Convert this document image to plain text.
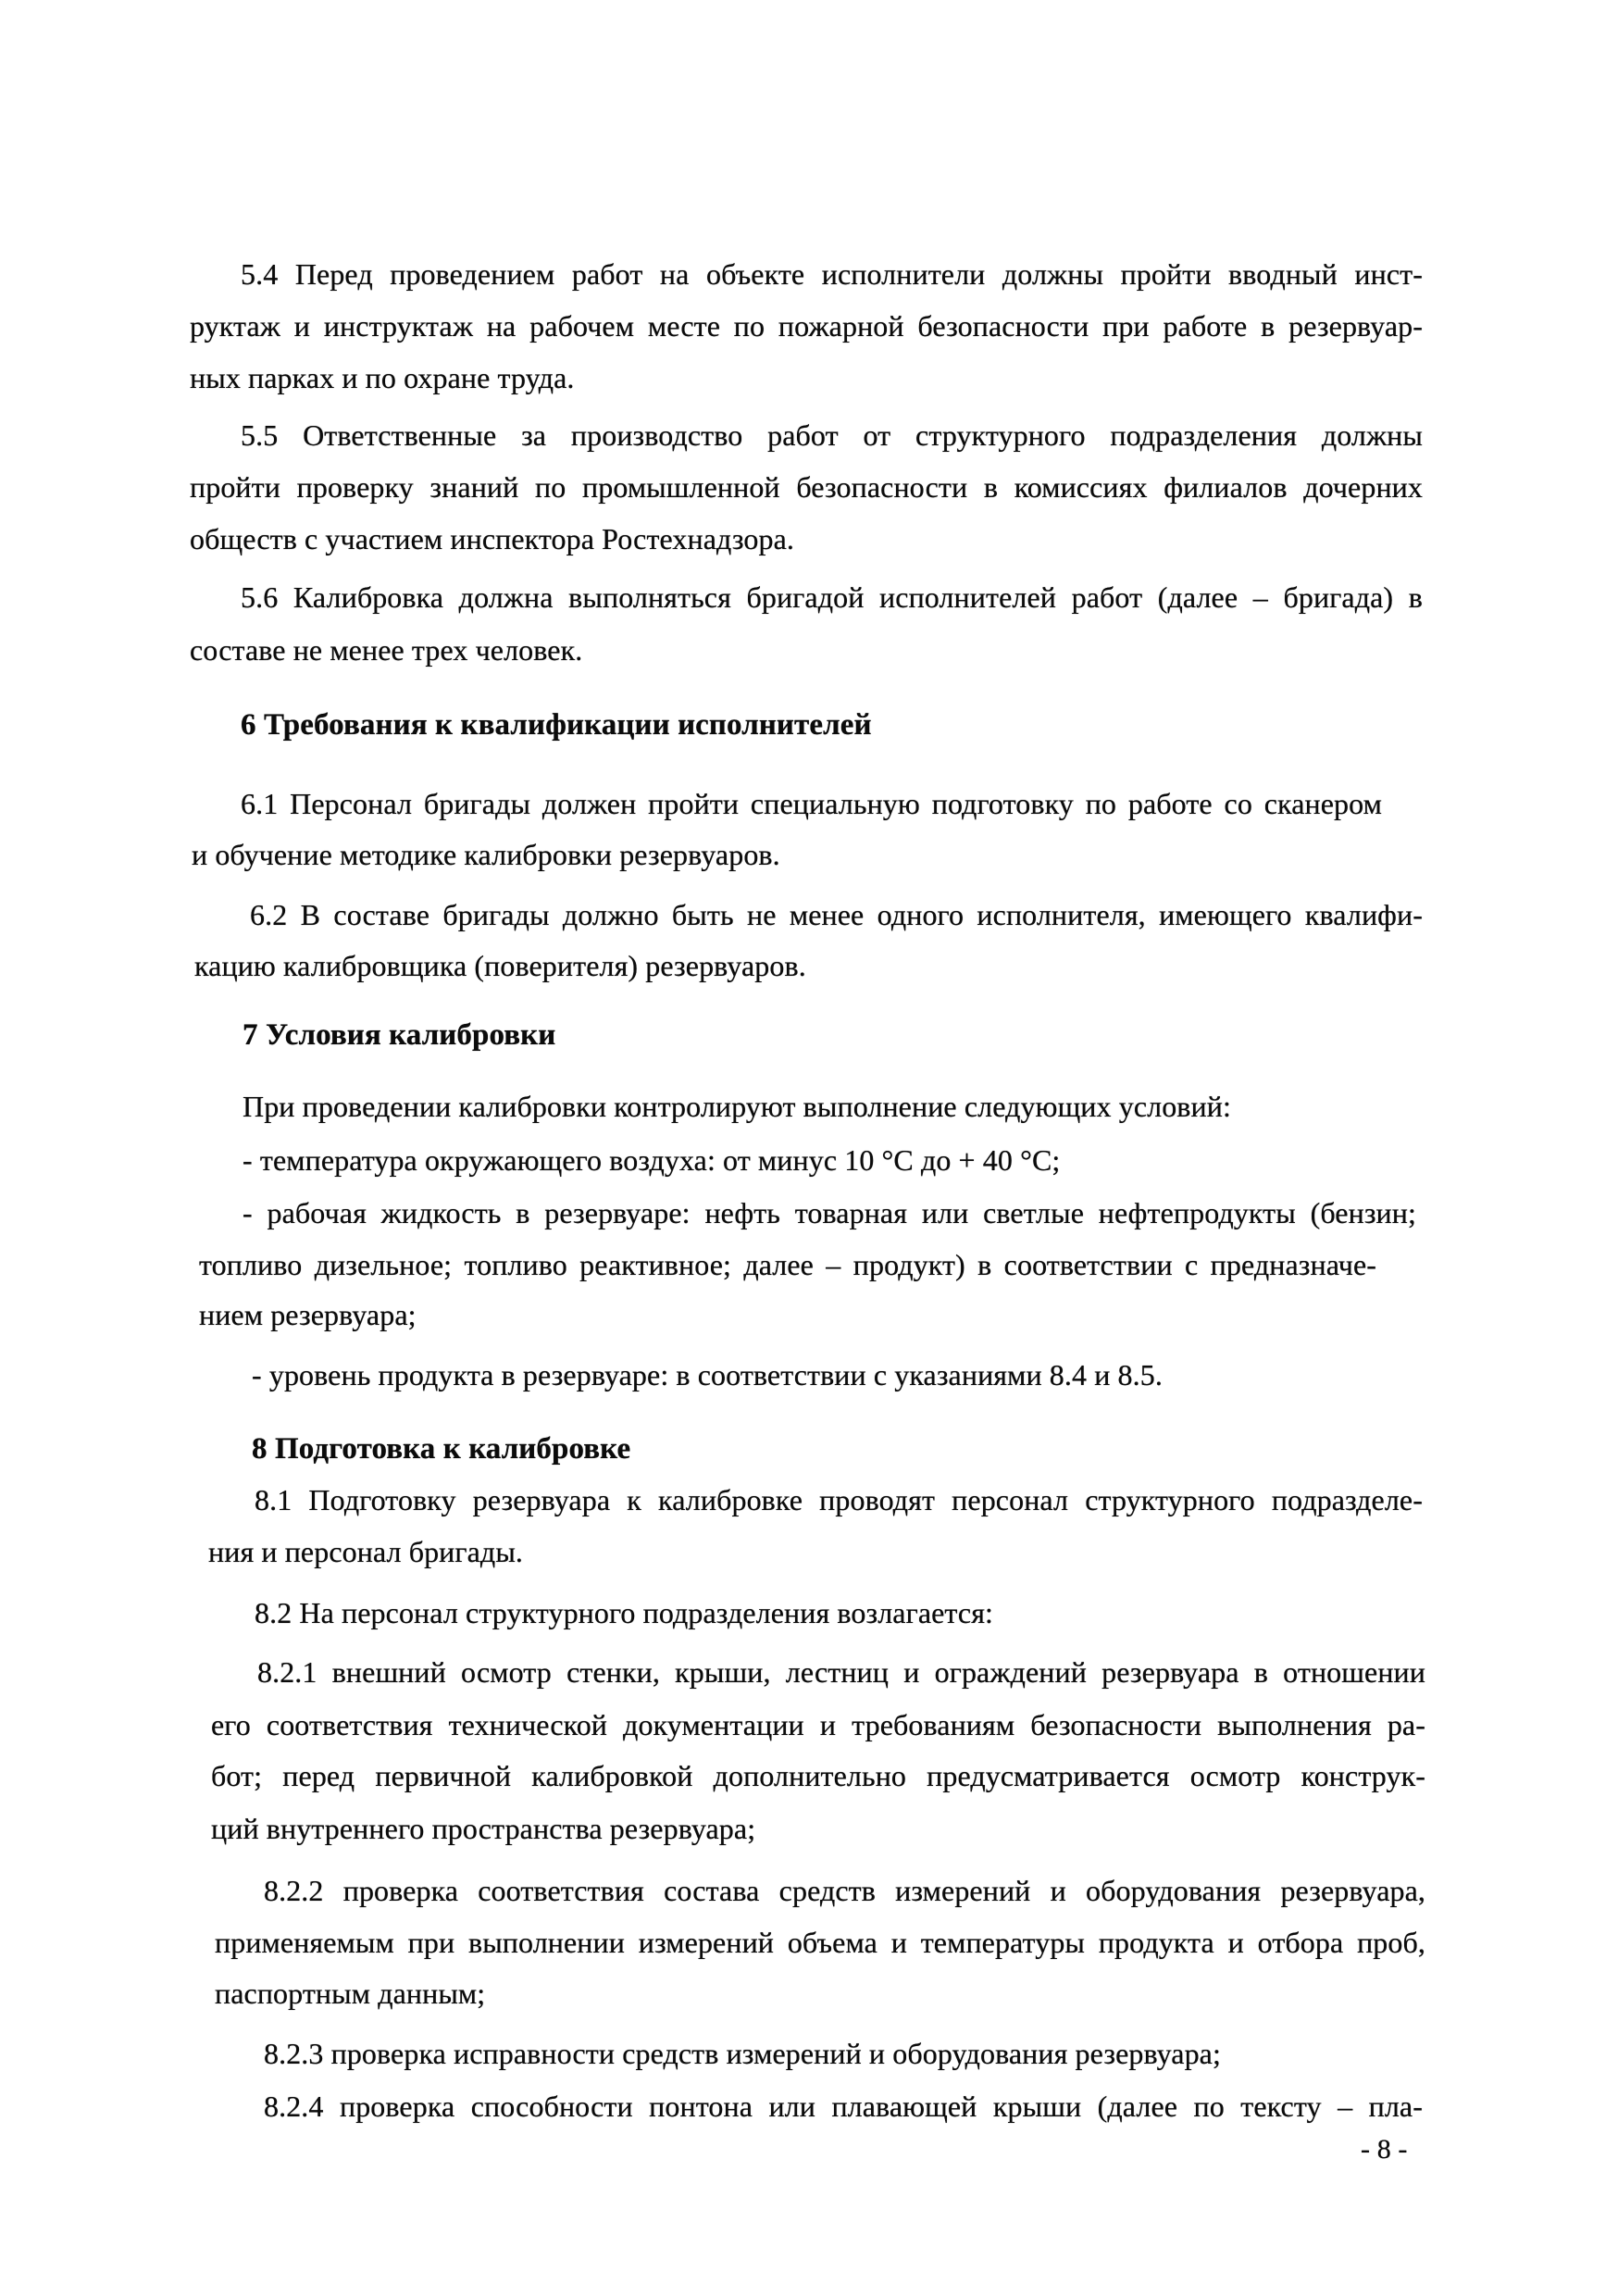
5.4 Перед проведением работ на объекте исполнители должны пройти вводный инст-
руктаж и инструктаж на рабочем месте по пожарной безопасности при работе в резервуар-
ных парках и по охране труда.
5.5 Ответственные за производство работ от структурного подразделения должны
пройти проверку знаний по промышленной безопасности в комиссиях филиалов дочерних
обществ с участием инспектора Ростехнадзора.
5.6 Калибровка должна выполняться бригадой исполнителей работ (далее – бригада) в
составе не менее трех человек.
6 Требования к квалификации исполнителей
6.1 Персонал бригады должен пройти специальную подготовку по работе со сканером
и обучение методике калибровки резервуаров.
6.2 В составе бригады должно быть не менее одного исполнителя, имеющего квалифи-
кацию калибровщика (поверителя) резервуаров.
7 Условия калибровки
При проведении калибровки контролируют выполнение следующих условий:
- температура окружающего воздуха: от минус 10 °С до + 40 °С;
- рабочая жидкость в резервуаре: нефть товарная или светлые нефтепродукты (бензин;
топливо дизельное; топливо реактивное; далее – продукт) в соответствии с предназначе-
нием резервуара;
- уровень продукта в резервуаре: в соответствии с указаниями 8.4 и 8.5.
8 Подготовка к калибровке
8.1 Подготовку резервуара к калибровке проводят персонал структурного подразделе-
ния и персонал бригады.
8.2 На персонал структурного подразделения возлагается:
8.2.1 внешний осмотр стенки, крыши, лестниц и ограждений резервуара в отношении
его соответствия технической документации и требованиям безопасности выполнения ра-
бот; перед первичной калибровкой дополнительно предусматривается осмотр конструк-
ций внутреннего пространства резервуара;
8.2.2 проверка соответствия состава средств измерений и оборудования резервуара,
применяемым при выполнении измерений объема и температуры продукта и отбора проб,
паспортным данным;
8.2.3 проверка исправности средств измерений и оборудования резервуара;
8.2.4 проверка способности понтона или плавающей крыши (далее по тексту – пла-
- 8 -
